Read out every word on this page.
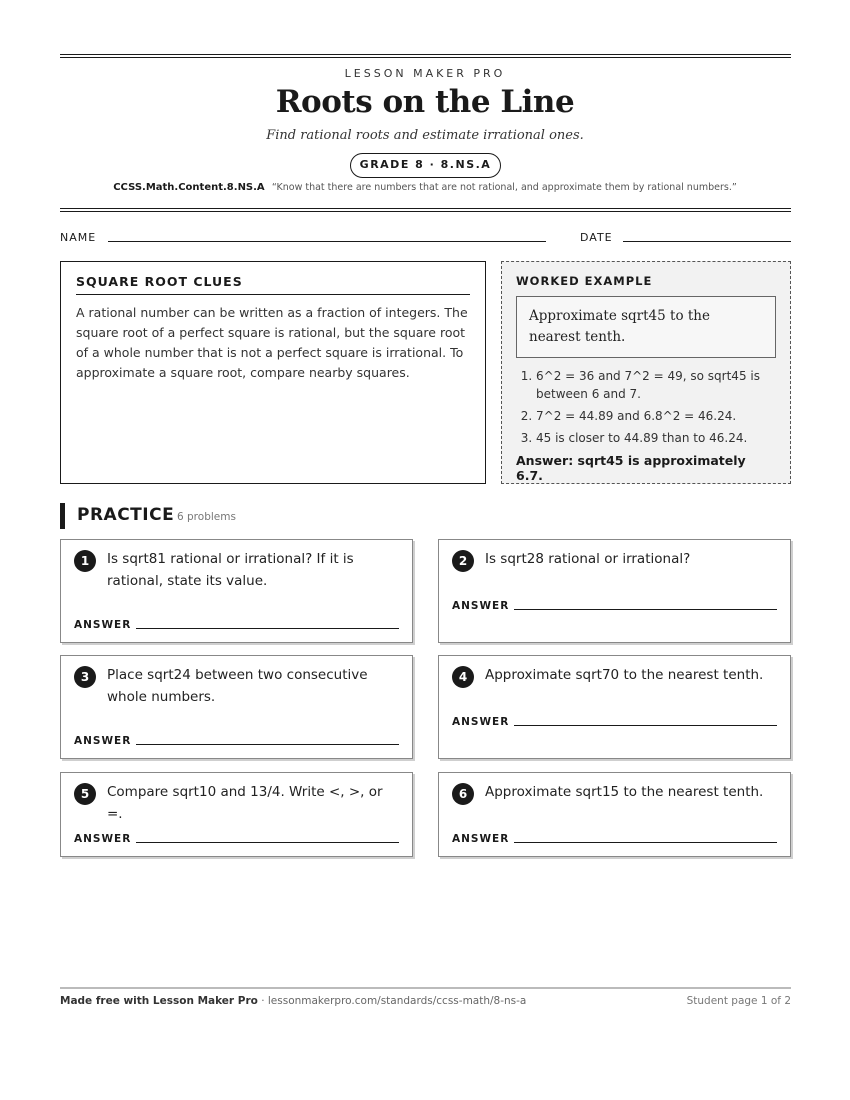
LESSON MAKER PRO
Roots on the Line
Find rational roots and estimate irrational ones.
GRADE 8 · 8.NS.A
CCSS.Math.Content.8.NS.A “Know that there are numbers that are not rational, and approximate them by rational numbers.”
NAME	DATE
SQUARE ROOT CLUES
A rational number can be written as a fraction of integers. The square root of a perfect square is rational, but the square root of a whole number that is not a perfect square is irrational. To approximate a square root, compare nearby squares.
WORKED EXAMPLE
Approximate sqrt45 to the nearest tenth.
1. 6^2 = 36 and 7^2 = 49, so sqrt45 is between 6 and 7.
2. 7^2 = 44.89 and 6.8^2 = 46.24.
3. 45 is closer to 44.89 than to 46.24.
Answer: sqrt45 is approximately 6.7.
PRACTICE 6 problems
1	Is sqrt81 rational or irrational? If it is rational, state its value.
ANSWER
2	Is sqrt28 rational or irrational?
ANSWER
3	Place sqrt24 between two consecutive whole numbers.
ANSWER
4	Approximate sqrt70 to the nearest tenth.
ANSWER
5	Compare sqrt10 and 13/4. Write <, >, or =.
ANSWER
6	Approximate sqrt15 to the nearest tenth.
ANSWER
Made free with Lesson Maker Pro · lessonmakerpro.com/standards/ccss-math/8-ns-a	Student page 1 of 2
